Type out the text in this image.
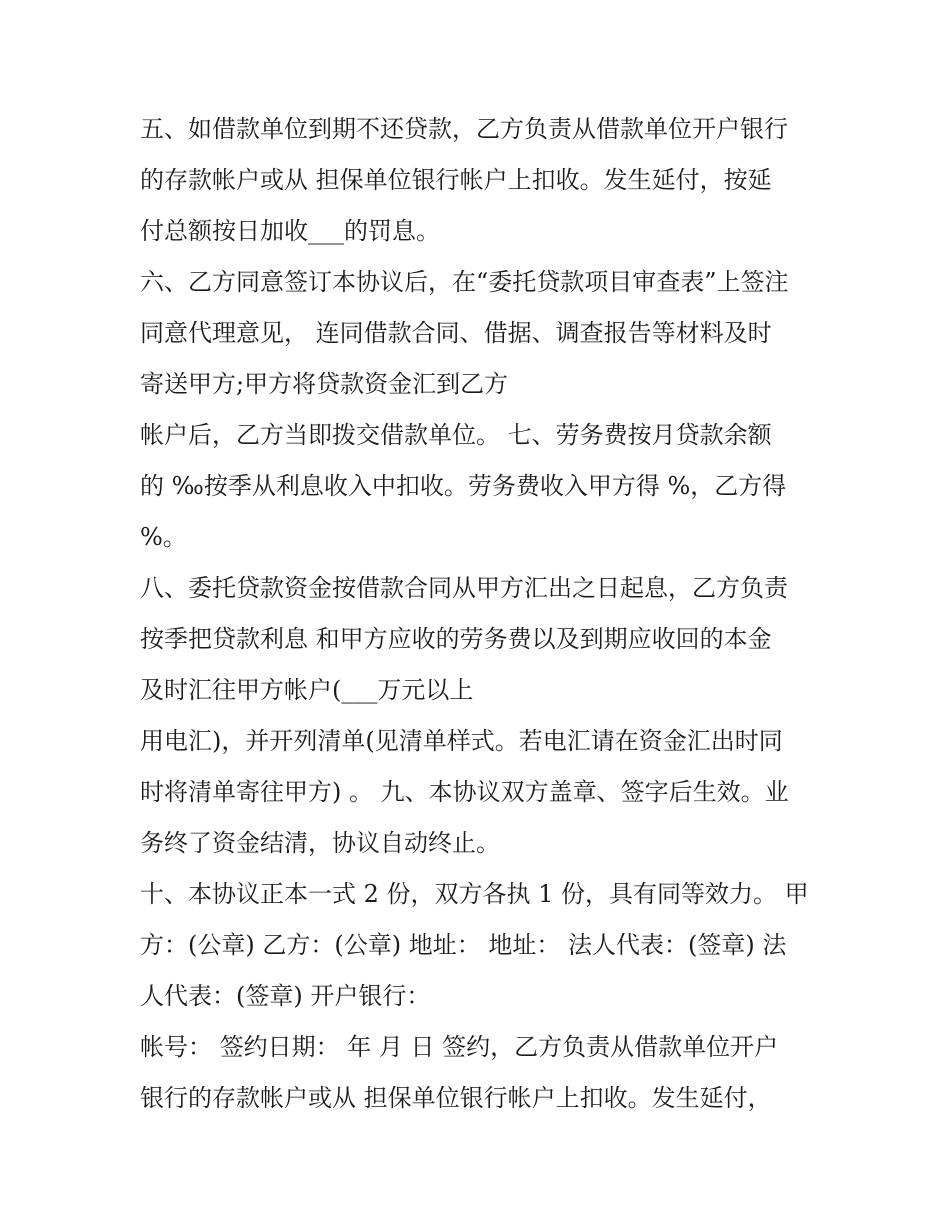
五、如借款单位到期不还贷款，乙方负责从借款单位开户银行
的存款帐户或从 担保单位银行帐户上扣收。发生延付，按延
付总额按日加收___的罚息。
六、乙方同意签订本协议后，在“委托贷款项目审查表”上签注
同意代理意见， 连同借款合同、借据、调查报告等材料及时
寄送甲方;甲方将贷款资金汇到乙方
帐户后，乙方当即拨交借款单位。 七、劳务费按月贷款余额
的 ‰按季从利息收入中扣收。劳务费收入甲方得 %，乙方得
%。
八、委托贷款资金按借款合同从甲方汇出之日起息，乙方负责
按季把贷款利息 和甲方应收的劳务费以及到期应收回的本金
及时汇往甲方帐户(___万元以上
用电汇)，并开列清单(见清单样式。若电汇请在资金汇出时同
时将清单寄往甲方) 。 九、本协议双方盖章、签字后生效。业
务终了资金结清，协议自动终止。
十、本协议正本一式 2 份，双方各执 1 份，具有同等效力。 甲
方：(公章) 乙方：(公章) 地址： 地址： 法人代表：(签章) 法
人代表：(签章) 开户银行：
帐号： 签约日期： 年 月 日 签约，乙方负责从借款单位开户
银行的存款帐户或从 担保单位银行帐户上扣收。发生延付，
